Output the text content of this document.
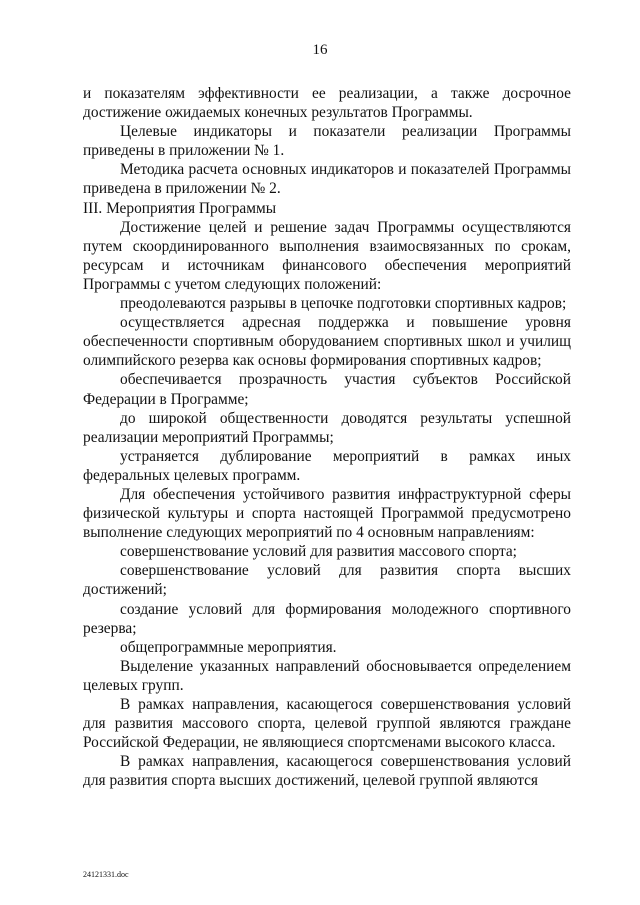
16

и показателям эффективности ее реализации, а также досрочное достижение ожидаемых конечных результатов Программы.

Целевые индикаторы и показатели реализации Программы приведены в приложении № 1.

Методика расчета основных индикаторов и показателей Программы приведена в приложении № 2.

III. Мероприятия Программы

Достижение целей и решение задач Программы осуществляются путем скоординированного выполнения взаимосвязанных по срокам, ресурсам и источникам финансового обеспечения мероприятий Программы с учетом следующих положений:

преодолеваются разрывы в цепочке подготовки спортивных кадров;

осуществляется адресная поддержка и повышение уровня обеспеченности спортивным оборудованием спортивных школ и училищ олимпийского резерва как основы формирования спортивных кадров;

обеспечивается прозрачность участия субъектов Российской Федерации в Программе;

до широкой общественности доводятся результаты успешной реализации мероприятий Программы;

устраняется дублирование мероприятий в рамках иных федеральных целевых программ.

Для обеспечения устойчивого развития инфраструктурной сферы физической культуры и спорта настоящей Программой предусмотрено выполнение следующих мероприятий по 4 основным направлениям:

совершенствование условий для развития массового спорта;

совершенствование условий для развития спорта высших достижений;

создание условий для формирования молодежного спортивного резерва;

общепрограммные мероприятия.

Выделение указанных направлений обосновывается определением целевых групп.

В рамках направления, касающегося совершенствования условий для развития массового спорта, целевой группой являются граждане Российской Федерации, не являющиеся спортсменами высокого класса.

В рамках направления, касающегося совершенствования условий для развития спорта высших достижений, целевой группой являются

24121331.doc
